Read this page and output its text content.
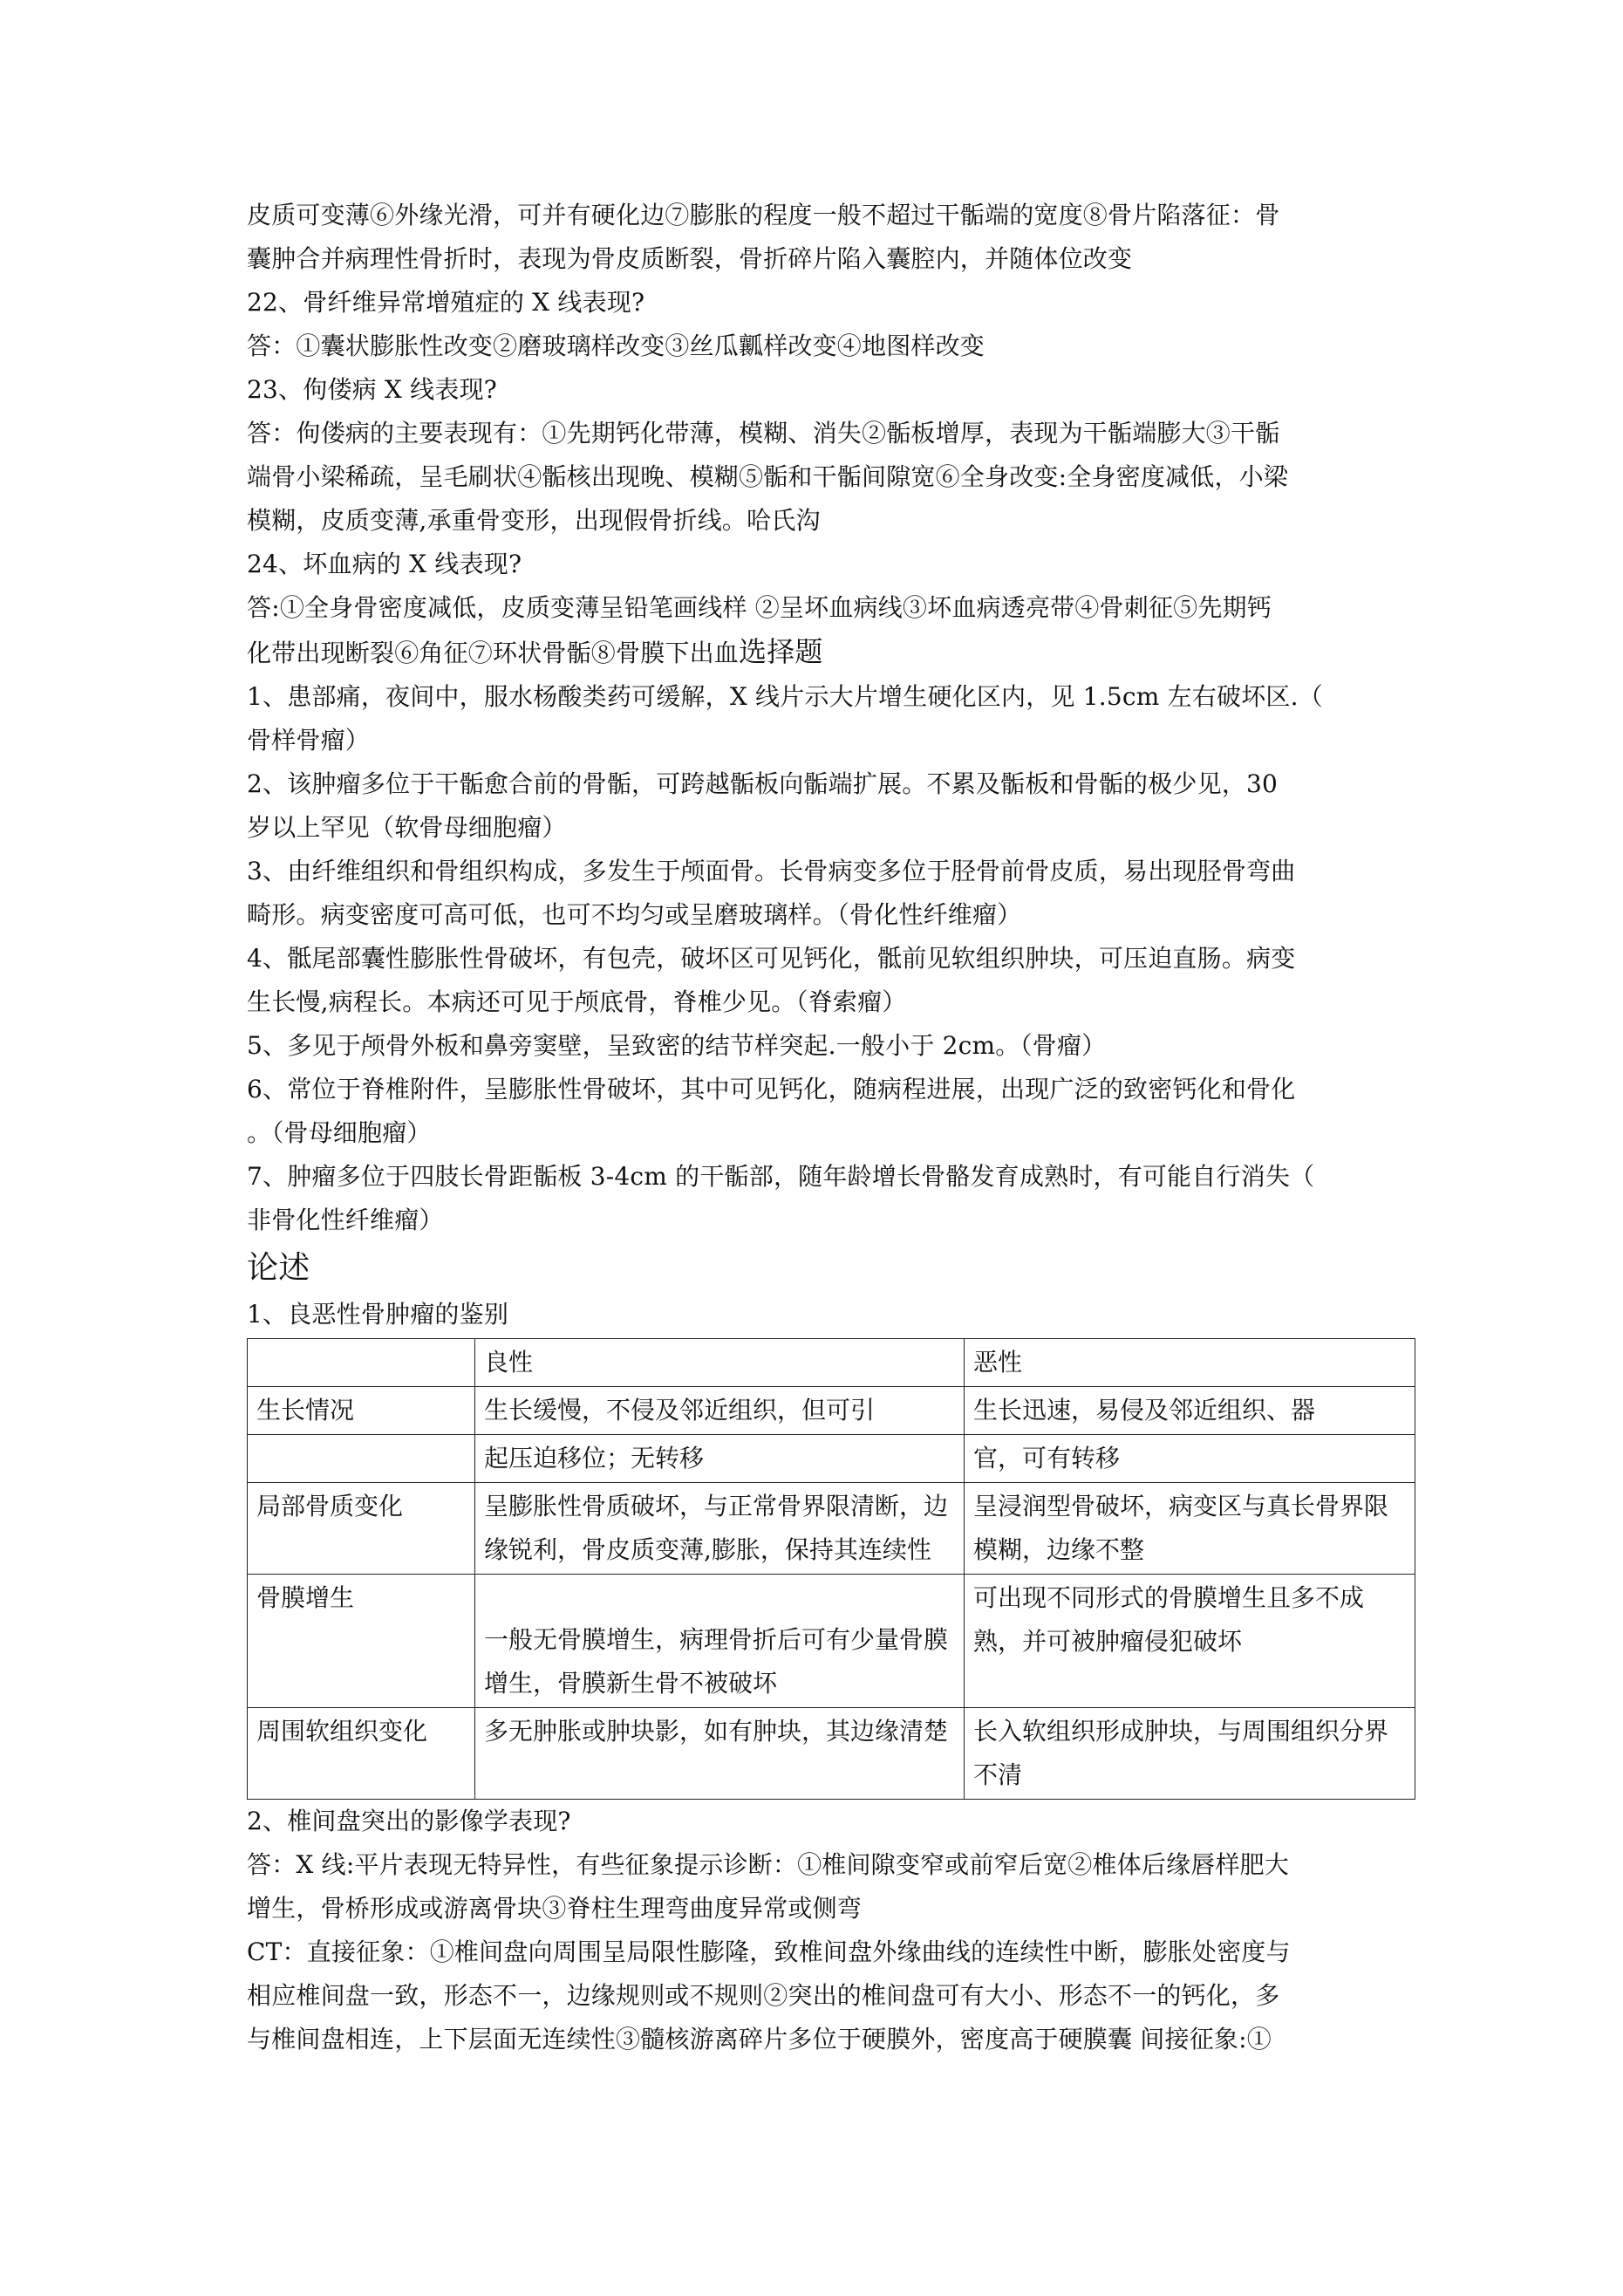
皮质可变薄⑥外缘光滑，可并有硬化边⑦膨胀的程度一般不超过干骺端的宽度⑧骨片陷落征：骨

囊肿合并病理性骨折时，表现为骨皮质断裂，骨折碎片陷入囊腔内，并随体位改变

22、骨纤维异常增殖症的 X 线表现?

答：①囊状膨胀性改变②磨玻璃样改变③丝瓜瓤样改变④地图样改变

23、佝偻病 X 线表现?

答：佝偻病的主要表现有：①先期钙化带薄，模糊、消失②骺板增厚，表现为干骺端膨大③干骺

端骨小梁稀疏，呈毛刷状④骺核出现晚、模糊⑤骺和干骺间隙宽⑥全身改变:全身密度减低，小梁

模糊，皮质变薄,承重骨变形，出现假骨折线。哈氏沟

24、坏血病的 X 线表现?

答:①全身骨密度减低，皮质变薄呈铅笔画线样 ②呈坏血病线③坏血病透亮带④骨刺征⑤先期钙

化带出现断裂⑥角征⑦环状骨骺⑧骨膜下出血选择题

1、患部痛，夜间中，服水杨酸类药可缓解，X 线片示大片增生硬化区内，见 1.5cm 左右破坏区.（

骨样骨瘤）

2、该肿瘤多位于干骺愈合前的骨骺，可跨越骺板向骺端扩展。不累及骺板和骨骺的极少见，30

岁以上罕见（软骨母细胞瘤）

3、由纤维组织和骨组织构成，多发生于颅面骨。长骨病变多位于胫骨前骨皮质，易出现胫骨弯曲

畸形。病变密度可高可低，也可不均匀或呈磨玻璃样。（骨化性纤维瘤）

4、骶尾部囊性膨胀性骨破坏，有包壳，破坏区可见钙化，骶前见软组织肿块，可压迫直肠。病变

生长慢,病程长。本病还可见于颅底骨，脊椎少见。（脊索瘤）

5、多见于颅骨外板和鼻旁窦壁，呈致密的结节样突起.一般小于 2cm。（骨瘤）

6、常位于脊椎附件，呈膨胀性骨破坏，其中可见钙化，随病程进展，出现广泛的致密钙化和骨化

。（骨母细胞瘤）

7、肿瘤多位于四肢长骨距骺板 3-4cm 的干骺部，随年龄增长骨骼发育成熟时，有可能自行消失（

非骨化性纤维瘤）

论述

1、良恶性骨肿瘤的鉴别

	良性	恶性
生长情况	生长缓慢，不侵及邻近组织，但可引	生长迅速，易侵及邻近组织、器
	起压迫移位；无转移	官，可有转移
局部骨质变化	呈膨胀性骨质破坏，与正常骨界限清断，边缘锐利，骨皮质变薄,膨胀，保持其连续性	呈浸润型骨破坏，病变区与真长骨界限模糊，边缘不整
骨膜增生	一般无骨膜增生，病理骨折后可有少量骨膜增生，骨膜新生骨不被破坏	可出现不同形式的骨膜增生且多不成熟，并可被肿瘤侵犯破坏
周围软组织变化	多无肿胀或肿块影，如有肿块，其边缘清楚	长入软组织形成肿块，与周围组织分界不清

2、椎间盘突出的影像学表现?

答：X 线:平片表现无特异性，有些征象提示诊断：①椎间隙变窄或前窄后宽②椎体后缘唇样肥大

增生，骨桥形成或游离骨块③脊柱生理弯曲度异常或侧弯

CT：直接征象：①椎间盘向周围呈局限性膨隆，致椎间盘外缘曲线的连续性中断，膨胀处密度与

相应椎间盘一致，形态不一，边缘规则或不规则②突出的椎间盘可有大小、形态不一的钙化，多

与椎间盘相连，上下层面无连续性③髓核游离碎片多位于硬膜外，密度高于硬膜囊 间接征象:①
